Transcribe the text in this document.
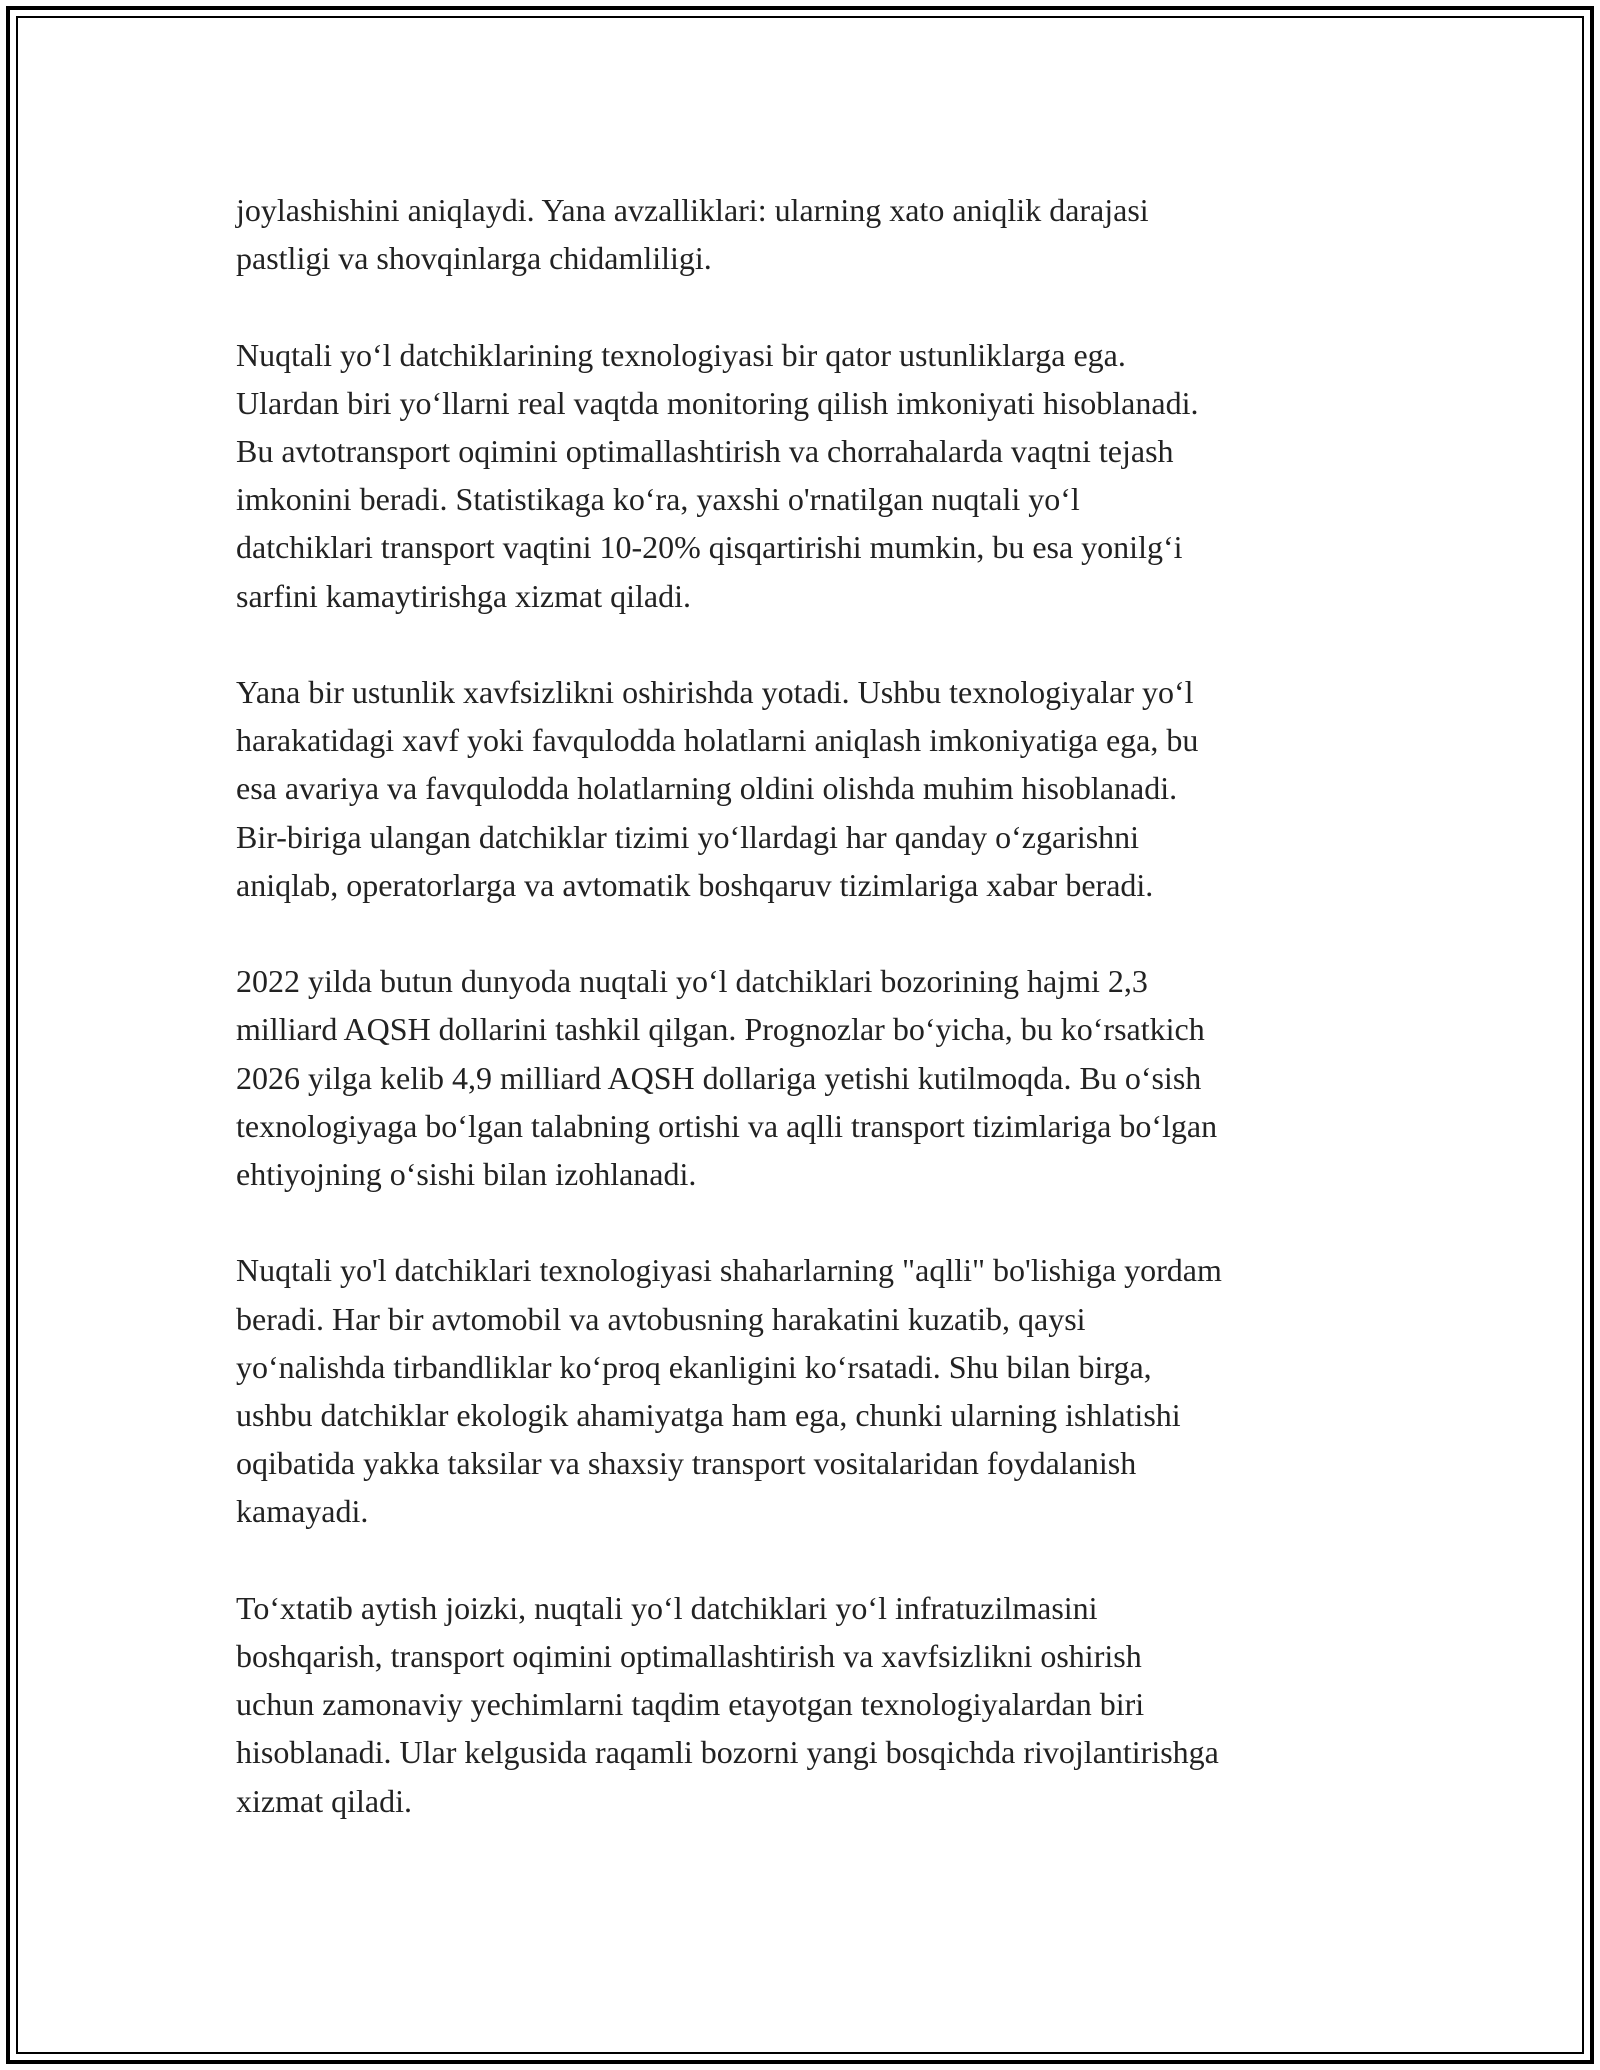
joylashishini aniqlaydi. Yana avzalliklari: ularning xato aniqlik darajasi
pastligi va shovqinlarga chidamliligi.

Nuqtali yoʻl datchiklarining texnologiyasi bir qator ustunliklarga ega.
Ulardan biri yoʻllarni real vaqtda monitoring qilish imkoniyati hisoblanadi.
Bu avtotransport oqimini optimallashtirish va chorrahalarda vaqtni tejash
imkonini beradi. Statistikaga koʻra, yaxshi o'rnatilgan nuqtali yoʻl
datchiklari transport vaqtini 10-20% qisqartirishi mumkin, bu esa yonilgʻi
sarfini kamaytirishga xizmat qiladi.

Yana bir ustunlik xavfsizlikni oshirishda yotadi. Ushbu texnologiyalar yoʻl
harakatidagi xavf yoki favqulodda holatlarni aniqlash imkoniyatiga ega, bu
esa avariya va favqulodda holatlarning oldini olishda muhim hisoblanadi.
Bir-biriga ulangan datchiklar tizimi yoʻllardagi har qanday oʻzgarishni
aniqlab, operatorlarga va avtomatik boshqaruv tizimlariga xabar beradi.

2022 yilda butun dunyoda nuqtali yoʻl datchiklari bozorining hajmi 2,3
milliard AQSH dollarini tashkil qilgan. Prognozlar boʻyicha, bu koʻrsatkich
2026 yilga kelib 4,9 milliard AQSH dollariga yetishi kutilmoqda. Bu oʻsish
texnologiyaga boʻlgan talabning ortishi va aqlli transport tizimlariga boʻlgan
ehtiyojning oʻsishi bilan izohlanadi.

Nuqtali yo'l datchiklari texnologiyasi shaharlarning "aqlli" bo'lishiga yordam
beradi. Har bir avtomobil va avtobusning harakatini kuzatib, qaysi
yoʻnalishda tirbandliklar koʻproq ekanligini koʻrsatadi. Shu bilan birga,
ushbu datchiklar ekologik ahamiyatga ham ega, chunki ularning ishlatishi
oqibatida yakka taksilar va shaxsiy transport vositalaridan foydalanish
kamayadi.

Toʻxtatib aytish joizki, nuqtali yoʻl datchiklari yoʻl infratuzilmasini
boshqarish, transport oqimini optimallashtirish va xavfsizlikni oshirish
uchun zamonaviy yechimlarni taqdim etayotgan texnologiyalardan biri
hisoblanadi. Ular kelgusida raqamli bozorni yangi bosqichda rivojlantirishga
xizmat qiladi.
